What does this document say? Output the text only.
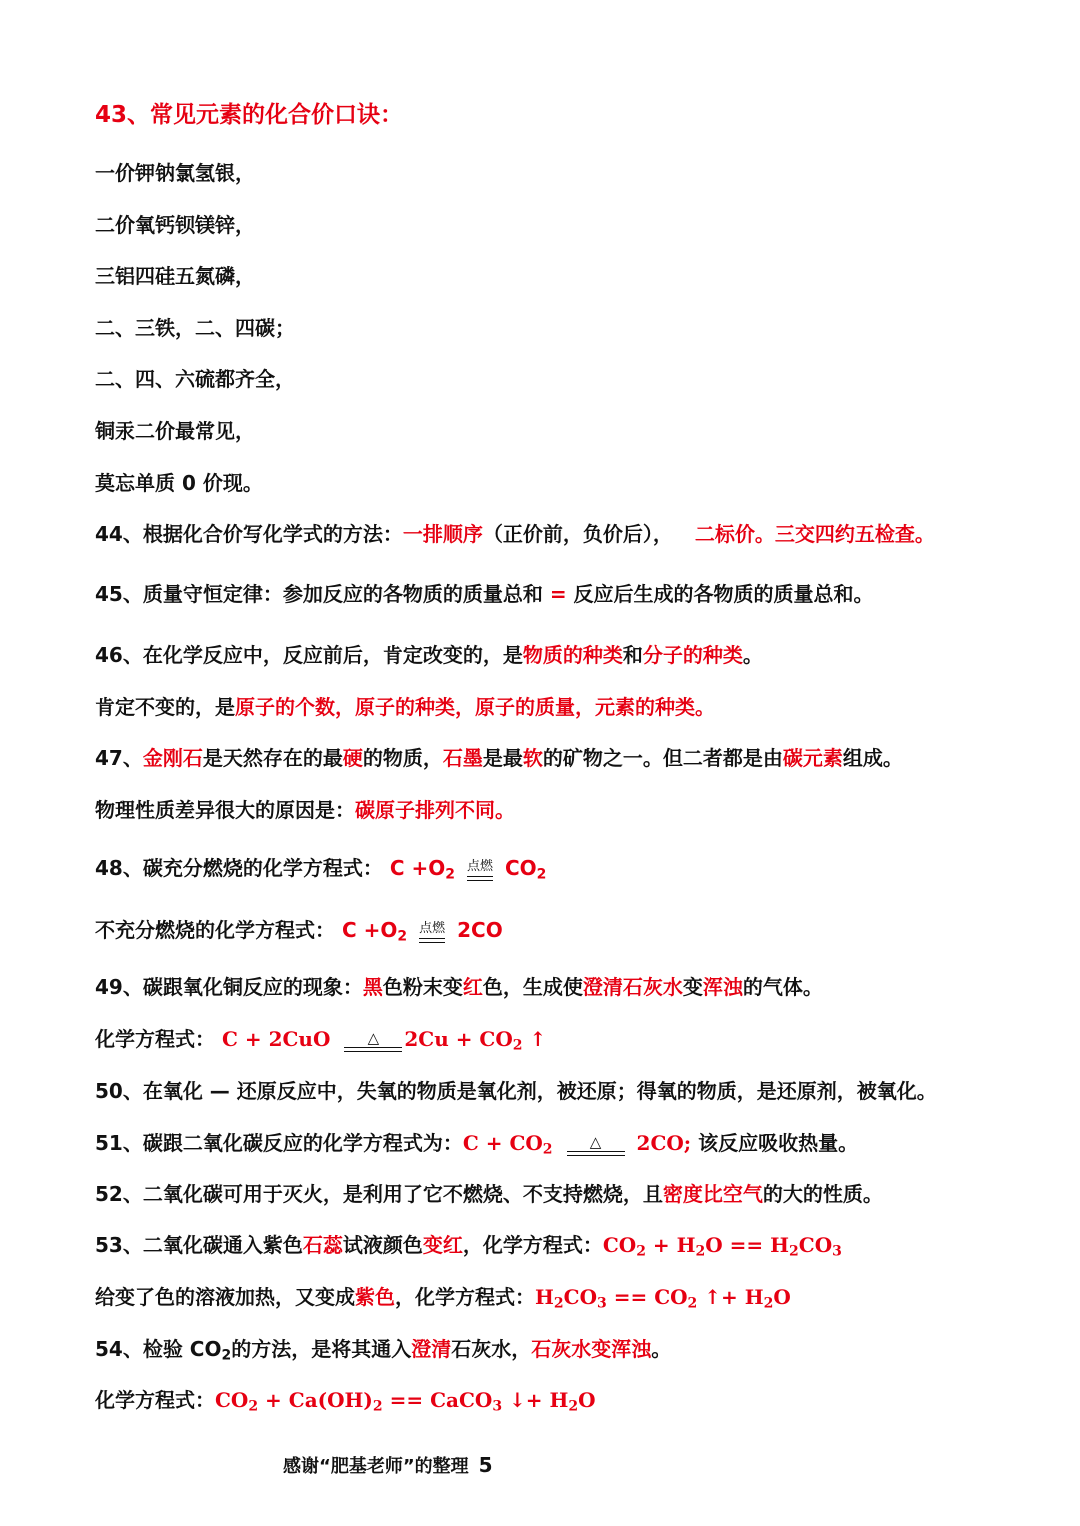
43、常见元素的化合价口诀：
一价钾钠氯氢银，
二价氧钙钡镁锌，
三铝四硅五氮磷，
二、三铁，二、四碳；
二、四、六硫都齐全，
铜汞二价最常见，
莫忘单质 0 价现。
44、根据化合价写化学式的方法：一排顺序（正价前，负价后）， 二标价。三交四约五检查。
45、质量守恒定律：参加反应的各物质的质量总和 = 反应后生成的各物质的质量总和。
46、在化学反应中，反应前后，肯定改变的，是物质的种类和分子的种类。
肯定不变的，是原子的个数，原子的种类，原子的质量，元素的种类。
47、金刚石是天然存在的最硬的物质，石墨是最软的矿物之一。但二者都是由碳元素组成。
物理性质差异很大的原因是：碳原子排列不同。
48、碳充分燃烧的化学方程式： $C +O_2$
点燃 $CO_2$
不充分燃烧的化学方程式： $C +O_2$
点燃 2CO
49、碳跟氧化铜反应的现象：黑色粉末变红色，生成使澄清石灰水变浑浊的气体。
化学方程式： C + 2CuO	△	$2Cu + CO_2$ ↑
50、在氧化 — 还原反应中，失氧的物质是氧化剂，被还原；得氧的物质，是还原剂，被氧化。
51、碳跟二氧化碳反应的化学方程式为：$C + CO_2$	△	2CO; 该反应吸收热量。
52、二氧化碳可用于灭火，是利用了它不燃烧、不支持燃烧，且密度比空气的大的性质。
53、二氧化碳通入紫色石蕊试液颜色变红，化学方程式：$CO_2 + H_2O == H_2CO_3$
给变了色的溶液加热，又变成紫色，化学方程式：$H_2CO_3 == CO_2$ ↑+ $H_2O$
54、检验 $CO_2$的方法，是将其通入澄清石灰水，石灰水变浑浊。
化学方程式：$CO_2 + Ca(OH)_2$ == CaCO$_3$ ↓+ $H_2O$
感谢“肥基老师”的整理 5
